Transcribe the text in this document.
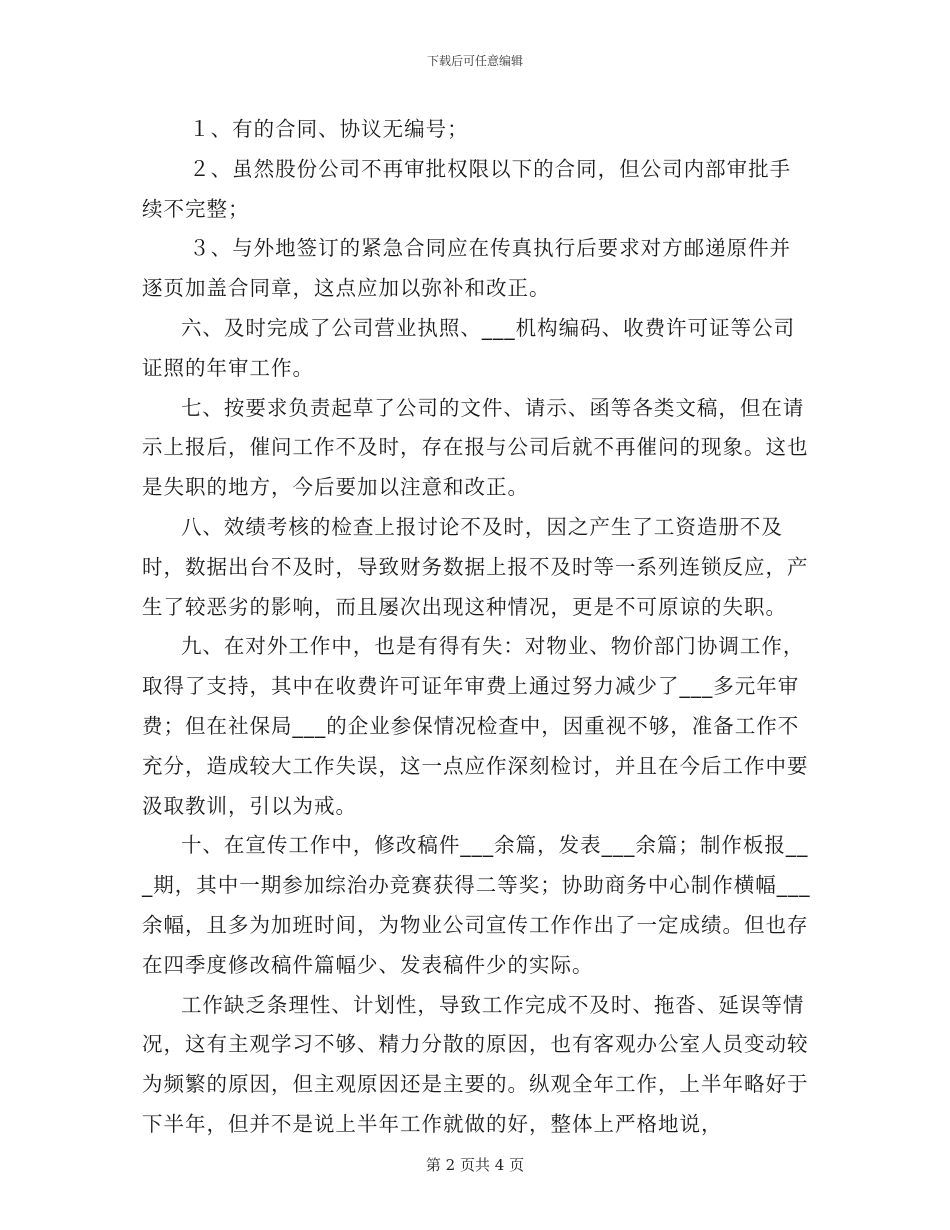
下载后可任意编辑

１、有的合同、协议无编号；

２、虽然股份公司不再审批权限以下的合同，但公司内部审批手续不完整；

３、与外地签订的紧急合同应在传真执行后要求对方邮递原件并逐页加盖合同章，这点应加以弥补和改正。

六、及时完成了公司营业执照、___机构编码、收费许可证等公司证照的年审工作。

七、按要求负责起草了公司的文件、请示、函等各类文稿，但在请示上报后，催问工作不及时，存在报与公司后就不再催问的现象。这也是失职的地方，今后要加以注意和改正。

八、效绩考核的检查上报讨论不及时，因之产生了工资造册不及时，数据出台不及时，导致财务数据上报不及时等一系列连锁反应，产生了较恶劣的影响，而且屡次出现这种情况，更是不可原谅的失职。

九、在对外工作中，也是有得有失：对物业、物价部门协调工作，取得了支持，其中在收费许可证年审费上通过努力减少了___多元年审费；但在社保局___的企业参保情况检查中，因重视不够，准备工作不充分，造成较大工作失误，这一点应作深刻检讨，并且在今后工作中要汲取教训，引以为戒。

十、在宣传工作中，修改稿件___余篇，发表___余篇；制作板报___期，其中一期参加综治办竞赛获得二等奖；协助商务中心制作横幅___余幅，且多为加班时间，为物业公司宣传工作作出了一定成绩。但也存在四季度修改稿件篇幅少、发表稿件少的实际。

工作缺乏条理性、计划性，导致工作完成不及时、拖沓、延误等情况，这有主观学习不够、精力分散的原因，也有客观办公室人员变动较为频繁的原因，但主观原因还是主要的。纵观全年工作，上半年略好于下半年，但并不是说上半年工作就做的好，整体上严格地说，

第 2 页共 4 页
